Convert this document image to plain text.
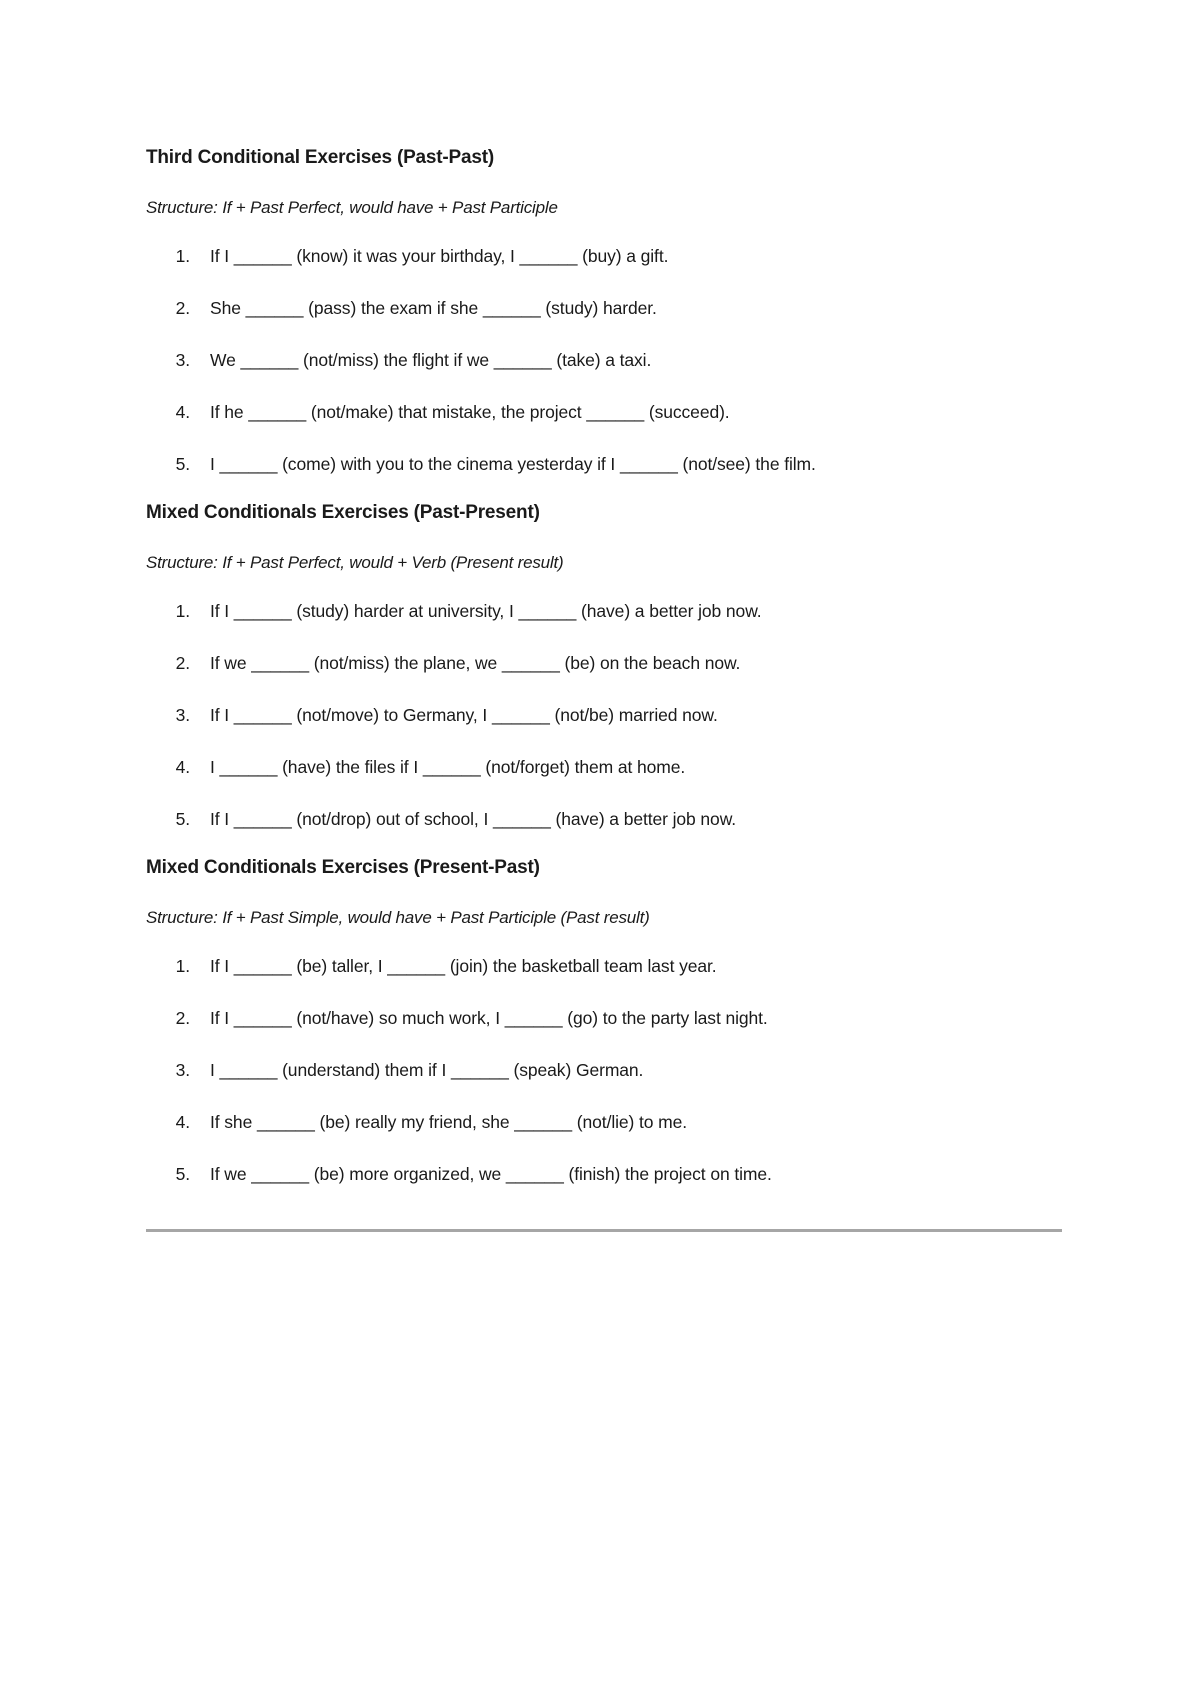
Third Conditional Exercises (Past-Past)

Structure: If + Past Perfect, would have + Past Participle

1.	If I ______ (know) it was your birthday, I ______ (buy) a gift.
2.	She ______ (pass) the exam if she ______ (study) harder.
3.	We ______ (not/miss) the flight if we ______ (take) a taxi.
4.	If he ______ (not/make) that mistake, the project ______ (succeed).
5.	I ______ (come) with you to the cinema yesterday if I ______ (not/see) the film.
Mixed Conditionals Exercises (Past-Present)

Structure: If + Past Perfect, would + Verb (Present result)

1.	If I ______ (study) harder at university, I ______ (have) a better job now.
2.	If we ______ (not/miss) the plane, we ______ (be) on the beach now.
3.	If I ______ (not/move) to Germany, I ______ (not/be) married now.
4.	I ______ (have) the files if I ______ (not/forget) them at home.
5.	If I ______ (not/drop) out of school, I ______ (have) a better job now.
Mixed Conditionals Exercises (Present-Past)

Structure: If + Past Simple, would have + Past Participle (Past result)

1.	If I ______ (be) taller, I ______ (join) the basketball team last year.
2.	If I ______ (not/have) so much work, I ______ (go) to the party last night.
3.	I ______ (understand) them if I ______ (speak) German.
4.	If she ______ (be) really my friend, she ______ (not/lie) to me.
5.	If we ______ (be) more organized, we ______ (finish) the project on time.
